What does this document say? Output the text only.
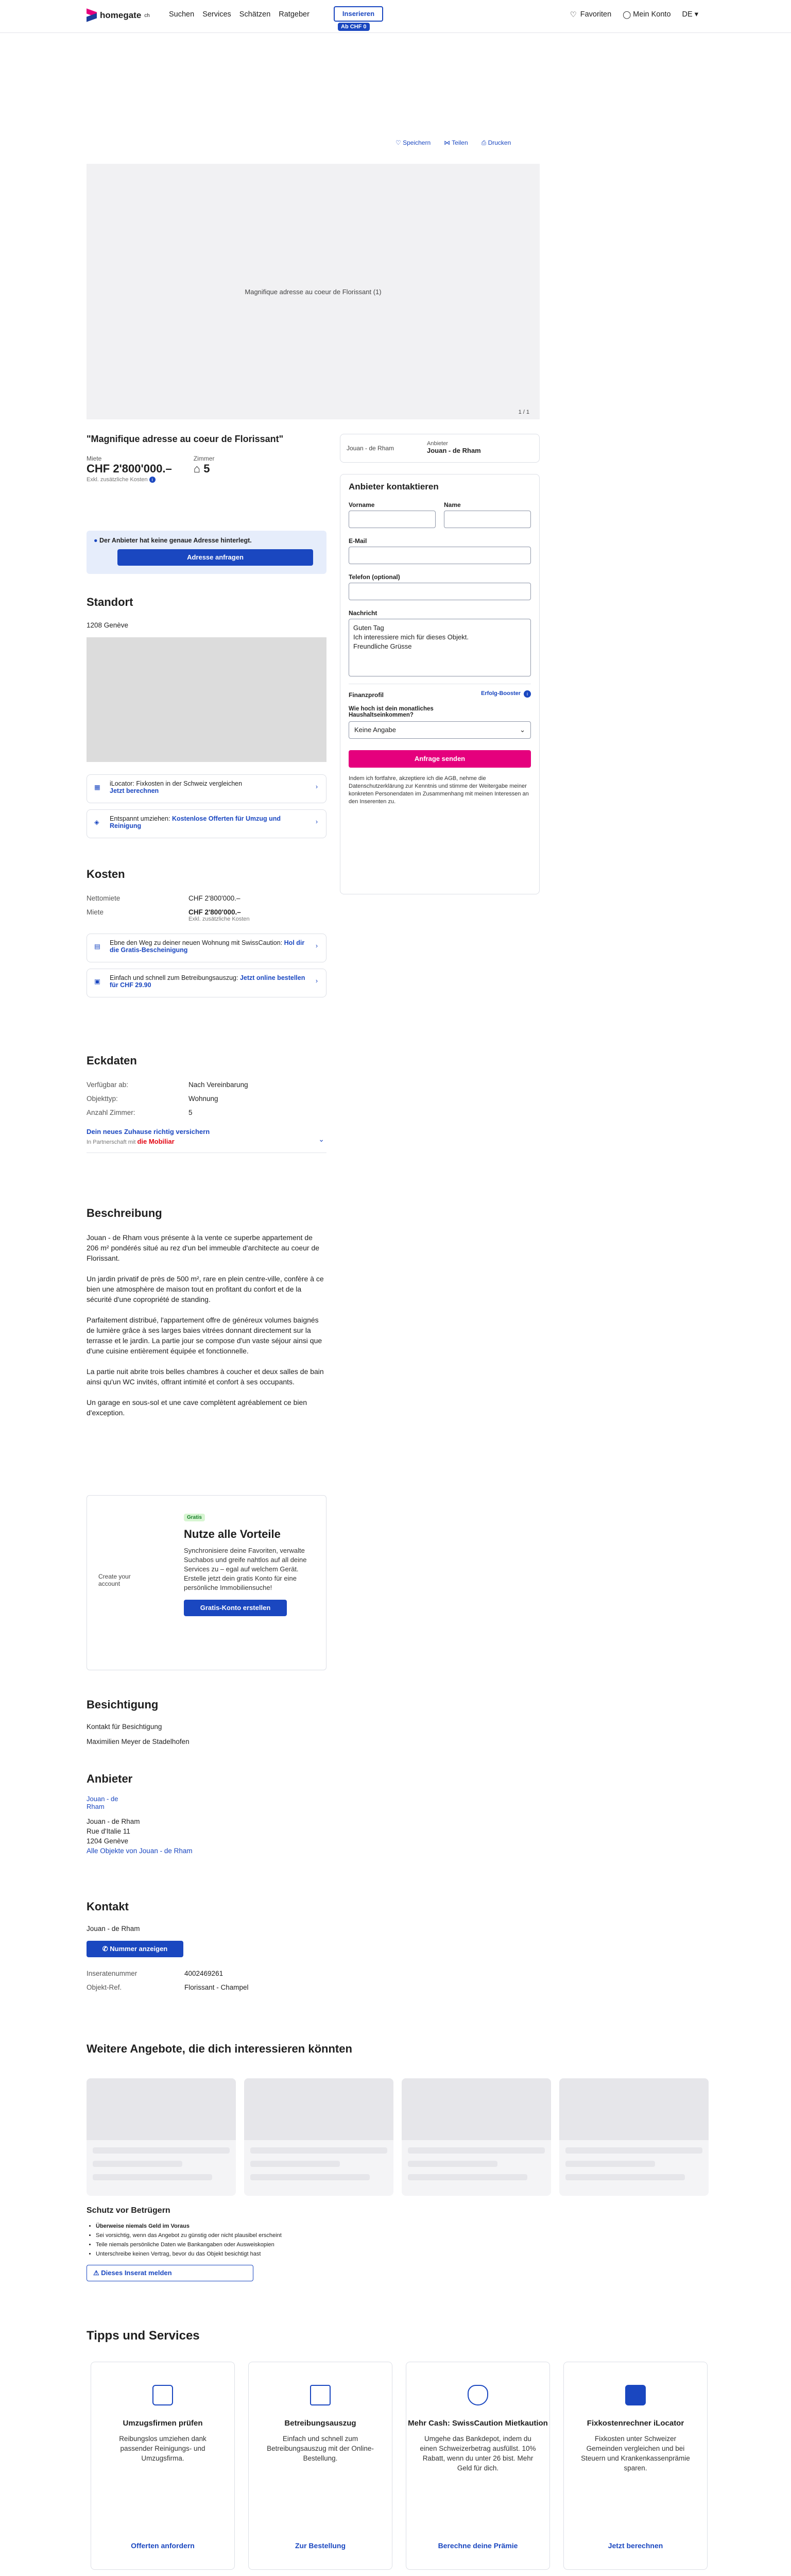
homegate ch	Suchen Services Schätzen Ratgeber	Inserieren
Ab CHF 0
♡ Favoriten ◯ Mein Konto DE ▾
♡ Speichern ⋈ Teilen ⎙ Drucken
Magnifique adresse au coeur de Florissant (1)
1 / 1
"Magnifique adresse au coeur de Florissant"
Miete
CHF 2'800'000.–
Exkl. zusätzliche Kosten i
Zimmer
⌂ 5
● Der Anbieter hat keine genaue Adresse hinterlegt.
Adresse anfragen
Standort
1208 Genève
▦ iLocator: Fixkosten in der Schweiz vergleichen
Jetzt berechnen
›
◈ Entspannt umziehen: Kostenlose Offerten für Umzug und Reinigung
›
Kosten
Nettomiete	CHF 2'800'000.–
Miete	CHF 2'800'000.–
Exkl. zusätzliche Kosten
▤ Ebne den Weg zu deiner neuen Wohnung mit SwissCaution: Hol dir die Gratis-Bescheinigung
›
▣ Einfach und schnell zum Betreibungsauszug: Jetzt online bestellen für CHF 29.90
›
Eckdaten
Verfügbar ab:	Nach Vereinbarung
Objekttyp:	Wohnung
Anzahl Zimmer:	5
Dein neues Zuhause richtig versichern
In Partnerschaft mit die Mobiliar	⌄
Beschreibung

Jouan - de Rham vous présente à la vente ce superbe appartement de 206 m² pondérés situé au rez d'un bel immeuble d'architecte au coeur de Florissant.

Un jardin privatif de près de 500 m², rare en plein centre-ville, confère à ce bien une atmosphère de maison tout en profitant du confort et de la sécurité d'une copropriété de standing.

Parfaitement distribué, l'appartement offre de généreux volumes baignés de lumière grâce à ses larges baies vitrées donnant directement sur la terrasse et le jardin. La partie jour se compose d'un vaste séjour ainsi que d'une cuisine entièrement équipée et fonctionnelle.

La partie nuit abrite trois belles chambres à coucher et deux salles de bain ainsi qu'un WC invités, offrant intimité et confort à ses occupants.

Un garage en sous-sol et une cave complètent agréablement ce bien d'exception.

Create your account
Gratis
Nutze alle Vorteile
Synchronisiere deine Favoriten, verwalte Suchabos und greife nahtlos auf all deine Services zu – egal auf welchem Gerät. Erstelle jetzt dein gratis Konto für eine persönliche Immobiliensuche!
Gratis-Konto erstellen
Besichtigung
Kontakt für Besichtigung
Maximilien Meyer de Stadelhofen
Anbieter
Jouan - de Rham
Jouan - de Rham
Rue d'Italie 11
1204 Genève
Alle Objekte von Jouan - de Rham
Kontakt
Jouan - de Rham
✆ Nummer anzeigen
Inseratenummer	4002469261
Objekt-Ref.	Florissant - Champel
Jouan - de Rham
Anbieter
Jouan - de Rham
Anbieter kontaktieren
Vorname	Name
E-Mail
Telefon (optional)
Nachricht
Guten Tag
Ich interessiere mich für dieses Objekt.
Freundliche Grüsse
Finanzprofil	Erfolg-Booster	i
Wie hoch ist dein monatliches Haushaltseinkommen?
Keine Angabe	⌄
Anfrage senden
Indem ich fortfahre, akzeptiere ich die AGB, nehme die Datenschutzerklärung zur Kenntnis und stimme der Weitergabe meiner konkreten Personendaten im Zusammenhang mit meinen Interessen an den Inserenten zu.
Weitere Angebote, die dich interessieren könnten
Schutz vor Betrügern
• Überweise niemals Geld im Voraus
• Sei vorsichtig, wenn das Angebot zu günstig oder nicht plausibel erscheint
• Teile niemals persönliche Daten wie Bankangaben oder Ausweiskopien
• Unterschreibe keinen Vertrag, bevor du das Objekt besichtigt hast
⚠ Dieses Inserat melden
Tipps und Services
Umzugsfirmen prüfen
Reibungslos umziehen dank passender Reinigungs- und Umzugsfirma.
Offerten anfordern
Betreibungsauszug
Einfach und schnell zum Betreibungsauszug mit der Online-Bestellung.
Zur Bestellung
Mehr Cash: SwissCaution Mietkaution
Umgehe das Bankdepot, indem du einen Schweizerbetrag ausfüllst. 10% Rabatt, wenn du unter 26 bist. Mehr Geld für dich.
Berechne deine Prämie
Fixkostenrechner iLocator
Fixkosten unter Schweizer Gemeinden vergleichen und bei Steuern und Krankenkassenprämie sparen.
Jetzt berechnen
